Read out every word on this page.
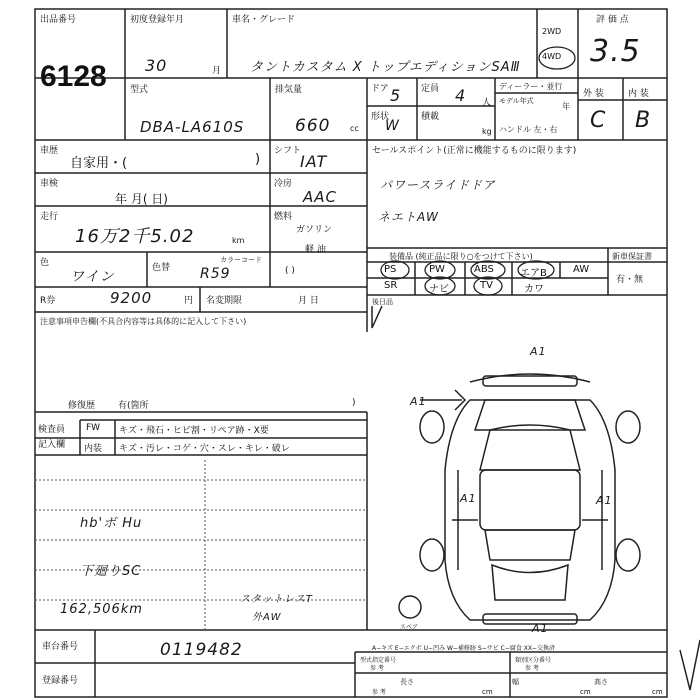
出品番号
6128
初度登録年月
30	月
車名・グレード
タントカスタム X トップエディションSAⅢ
2WD
4WD
評 価 点
3.5
型式
DBA-LA610S
排気量
660 cc
ドア 5 定員 4 人
形状
W
積載
kg
ディーラー・並行
モデル年式
年
ハンドル 左・右
外 装	内 装
C B
車歴
自家用・(	)
車検
年 月( 日)
走行
16万2千5.02	km
色
ワイン
色替
カラーコード
R59
シフト
IAT
冷房
AAC
燃料
ガソリン
軽 油
( )
R券	9200	円 名変期限	月 日
セールスポイント(正常に機能するものに限ります)
パワースライドドア
ネエトAW
装備品 (純正品に限り○をつけて下さい)	新車保証書
有・無
PS	PW	ABS	エアB	AW
SR	ナビ	TV	カワ
後日品
注意事項申告欄(不具合内容等は具体的に記入して下さい)
修復歴	有(箇所	)
検査員
記入欄
FW キズ・飛石・ヒビ割・リペア跡・X要
内装 キズ・汚レ・コゲ・穴・スレ・キレ・破レ
hb'ボ Hu
下廻りSC
162,506km
スタットレスT
外AW
A1
A1
A1	A1
A1
スペア
A−キズ E−エクボ U−凹み W−補修跡 S−サビ C−腐食 XX−交換済
車台番号	0119482
登録番号
型式指定番号
参 考
類別区分番号
参 考
長さ
cm
幅
cm
高さ
cm
参 考
